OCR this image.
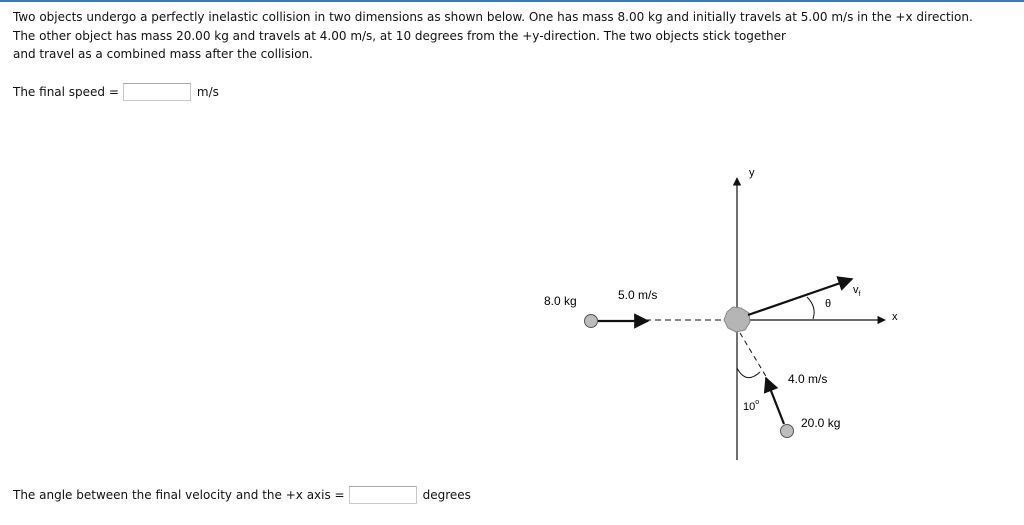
Two objects undergo a perfectly inelastic collision in two dimensions as shown below. One has mass 8.00 kg and initially travels at 5.00 m/s in the +x direction.

The other object has mass 20.00 kg and travels at 4.00 m/s, at 10 degrees from the +y-direction. The two objects stick together

and travel as a combined mass after the collision.

The final speed =	m/s
y
x
8.0 kg	5.0 m/s	$v_f$
θ
10$^o$
4.0 m/s
20.0 kg
The angle between the final velocity and the +x axis =	degrees
